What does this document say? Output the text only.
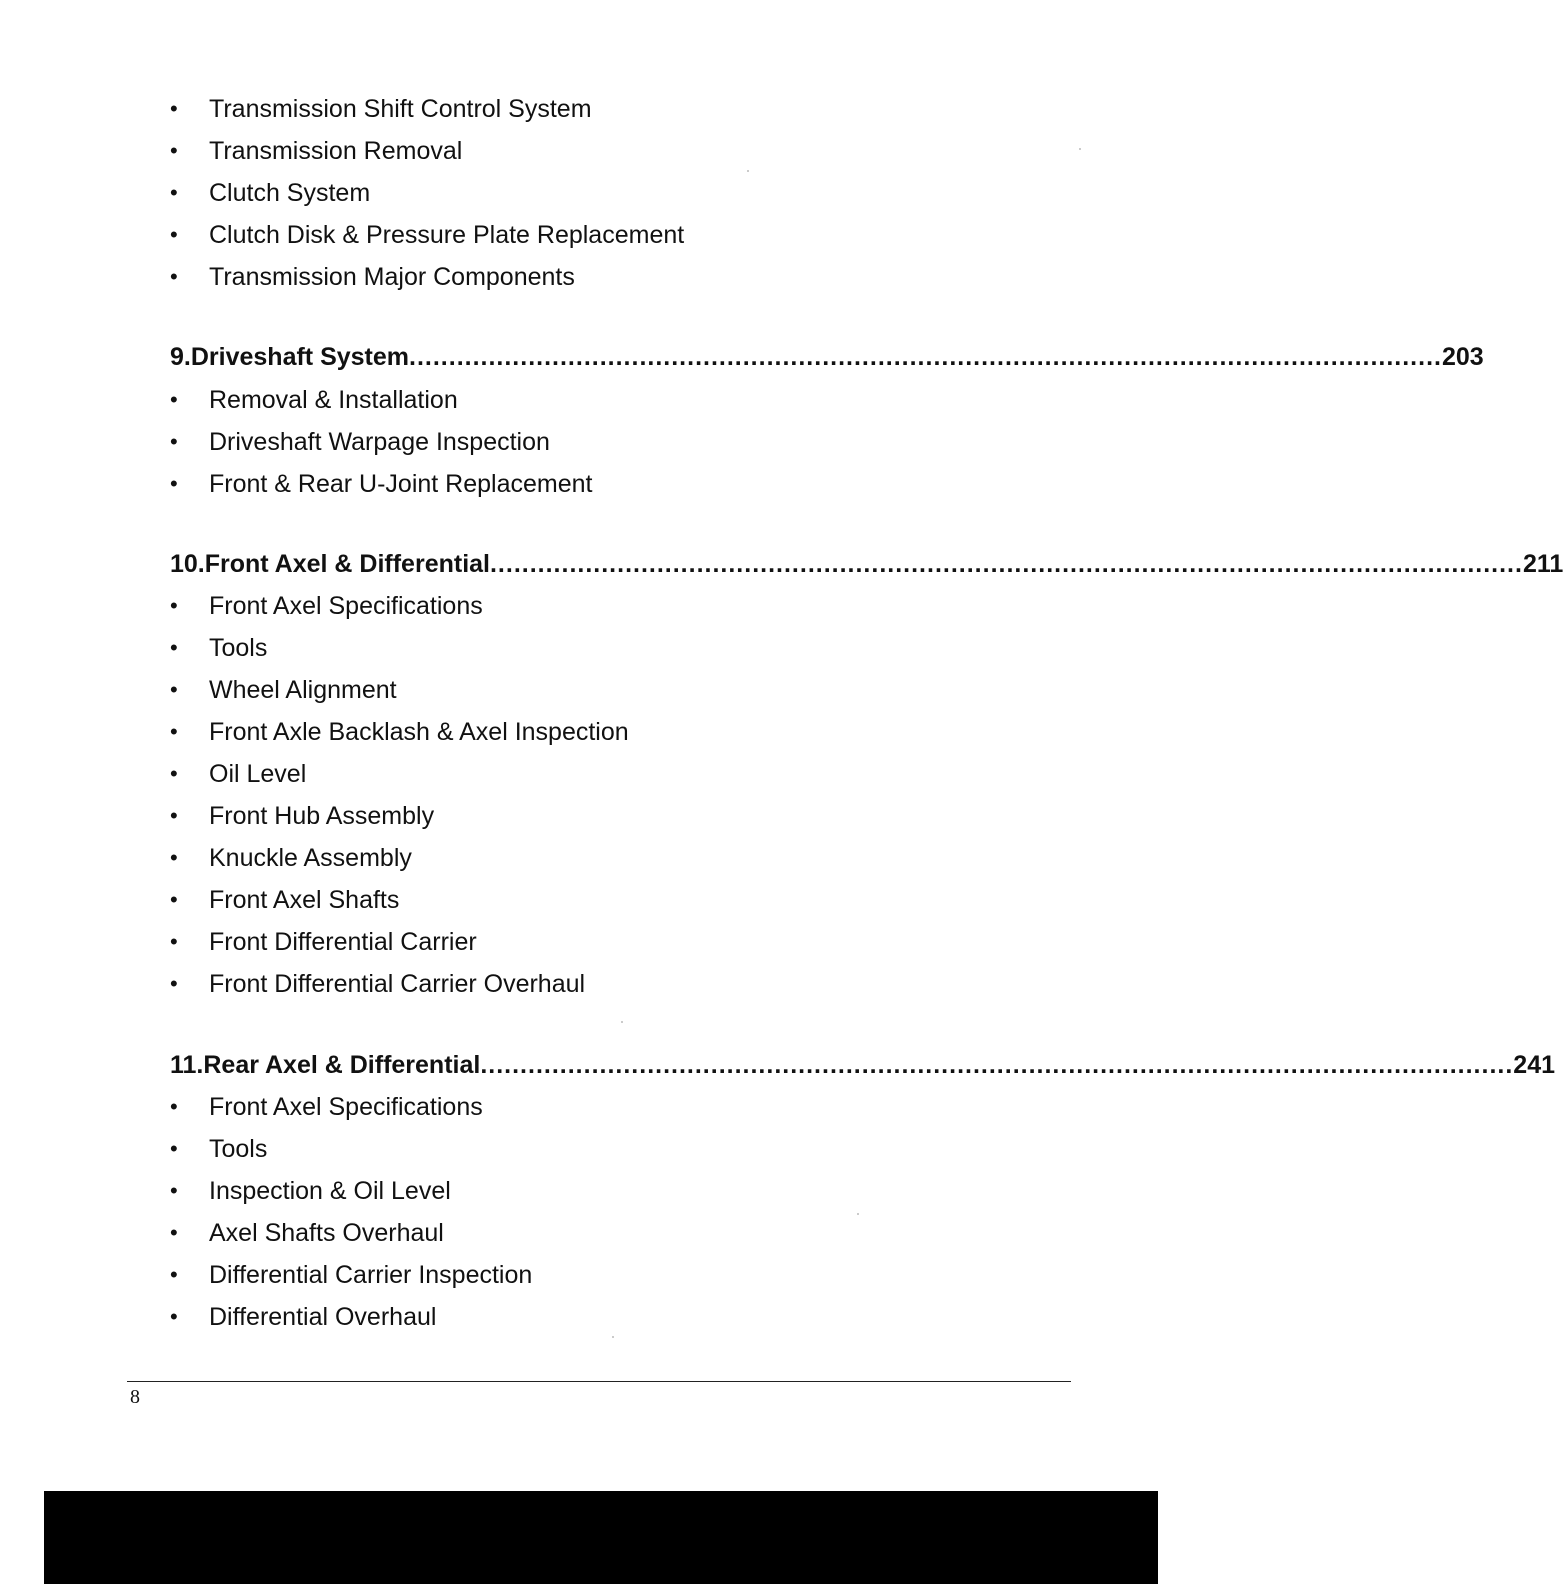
•	Transmission Shift Control System
•	Transmission Removal
•	Clutch System
•	Clutch Disk & Pressure Plate Replacement
•	Transmission Major Components
9. Driveshaft System .................................................................................................................................. 203
•	Removal & Installation
•	Driveshaft Warpage Inspection
•	Front & Rear U-Joint Replacement
10. Front Axel & Differential .................................................................................................................................. 211
•	Front Axel Specifications
•	Tools
•	Wheel Alignment
•	Front Axle Backlash & Axel Inspection
•	Oil Level
•	Front Hub Assembly
•	Knuckle Assembly
•	Front Axel Shafts
•	Front Differential Carrier
•	Front Differential Carrier Overhaul
11. Rear Axel & Differential .................................................................................................................................. 241
•	Front Axel Specifications
•	Tools
•	Inspection & Oil Level
•	Axel Shafts Overhaul
•	Differential Carrier Inspection
•	Differential Overhaul
8
